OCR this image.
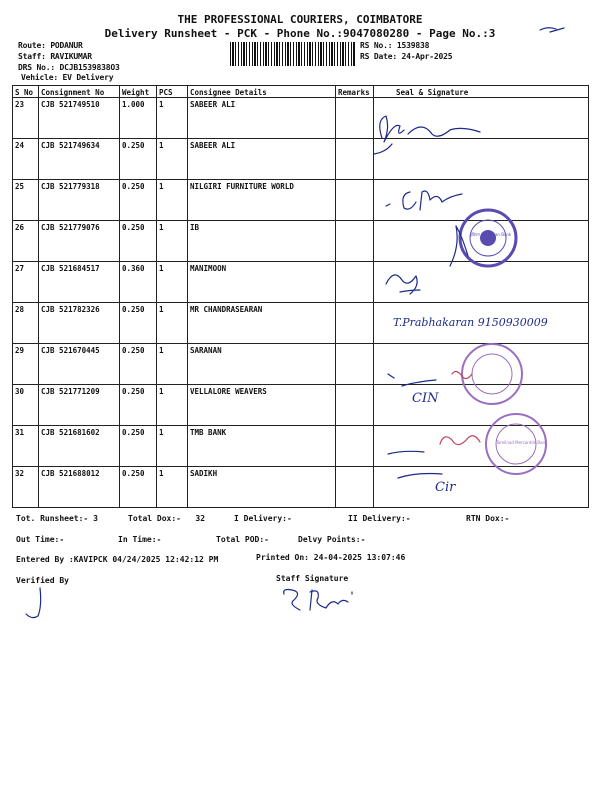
THE PROFESSIONAL COURIERS, COIMBATORE
Delivery Runsheet - PCK - Phone No.:9047080280 - Page No.:3
Route: PODANUR
Staff: RAVIKUMAR
DRS No.: DCJB1539838O3
Vehicle: EV Delivery
RS No.: 1539838
RS Date: 24-Apr-2025
S No	Consignment No	Weight	PCS	Consignee Details	Remarks	Seal & Signature
23	CJB 521749510	1.000	1	SABEER ALI		
24	CJB 521749634	0.250	1	SABEER ALI		
25	CJB 521779318	0.250	1	NILGIRI FURNITURE WORLD		
26	CJB 521779076	0.250	1	IB		
27	CJB 521684517	0.360	1	MANIMOON		
28	CJB 521782326	0.250	1	MR CHANDRASEARAN		
29	CJB 521670445	0.250	1	SARANAN		
30	CJB 521771209	0.250	1	VELLALORE WEAVERS		
31	CJB 521681602	0.250	1	TMB BANK		
32	CJB 521688012	0.250	1	SADIKH		
इंडियन बैंक Indian Bank
T.Prabhakaran 9150930009
CIN
Tamilnad Mercantile Bank
Cir
Tot. Runsheet:- 3	Total Dox:-   32	I Delivery:-	II Delivery:-	RTN Dox:-
Out Time:-	In Time:-	Total POD:-	Delvy Points:-
Entered By :KAVIPCK 04/24/2025 12:42:12 PM	Printed On: 24-04-2025 13:07:46
Verified By	Staff Signature
